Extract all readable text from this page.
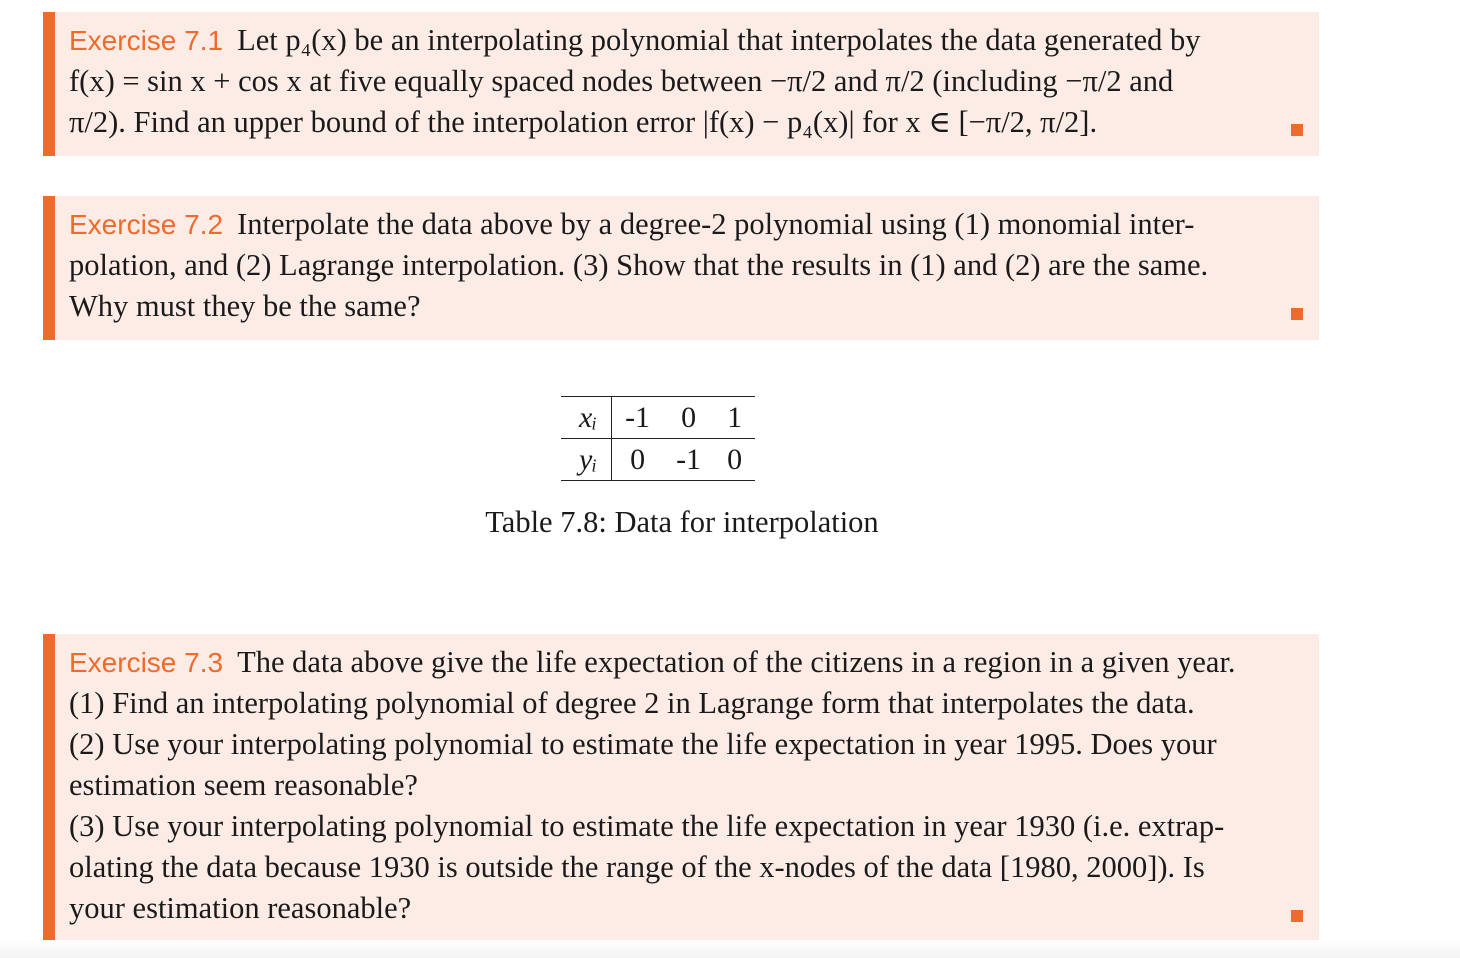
Exercise 7.1 Let p₄(x) be an interpolating polynomial that interpolates the data generated by
f(x) = sin x + cos x at five equally spaced nodes between −π/2 and π/2 (including −π/2 and
π/2). Find an upper bound of the interpolation error |f(x) − p₄(x)| for x ∈ [−π/2, π/2].

Exercise 7.2 Interpolate the data above by a degree-2 polynomial using (1) monomial inter-
polation, and (2) Lagrange interpolation. (3) Show that the results in (1) and (2) are the same.
Why must they be the same?

xᵢ	-1	0	1
yᵢ	0	-1	0
Table 7.8: Data for interpolation

Exercise 7.3 The data above give the life expectation of the citizens in a region in a given year.
(1) Find an interpolating polynomial of degree 2 in Lagrange form that interpolates the data.
(2) Use your interpolating polynomial to estimate the life expectation in year 1995. Does your
estimation seem reasonable?
(3) Use your interpolating polynomial to estimate the life expectation in year 1930 (i.e. extrap-
olating the data because 1930 is outside the range of the x-nodes of the data [1980, 2000]). Is
your estimation reasonable?
